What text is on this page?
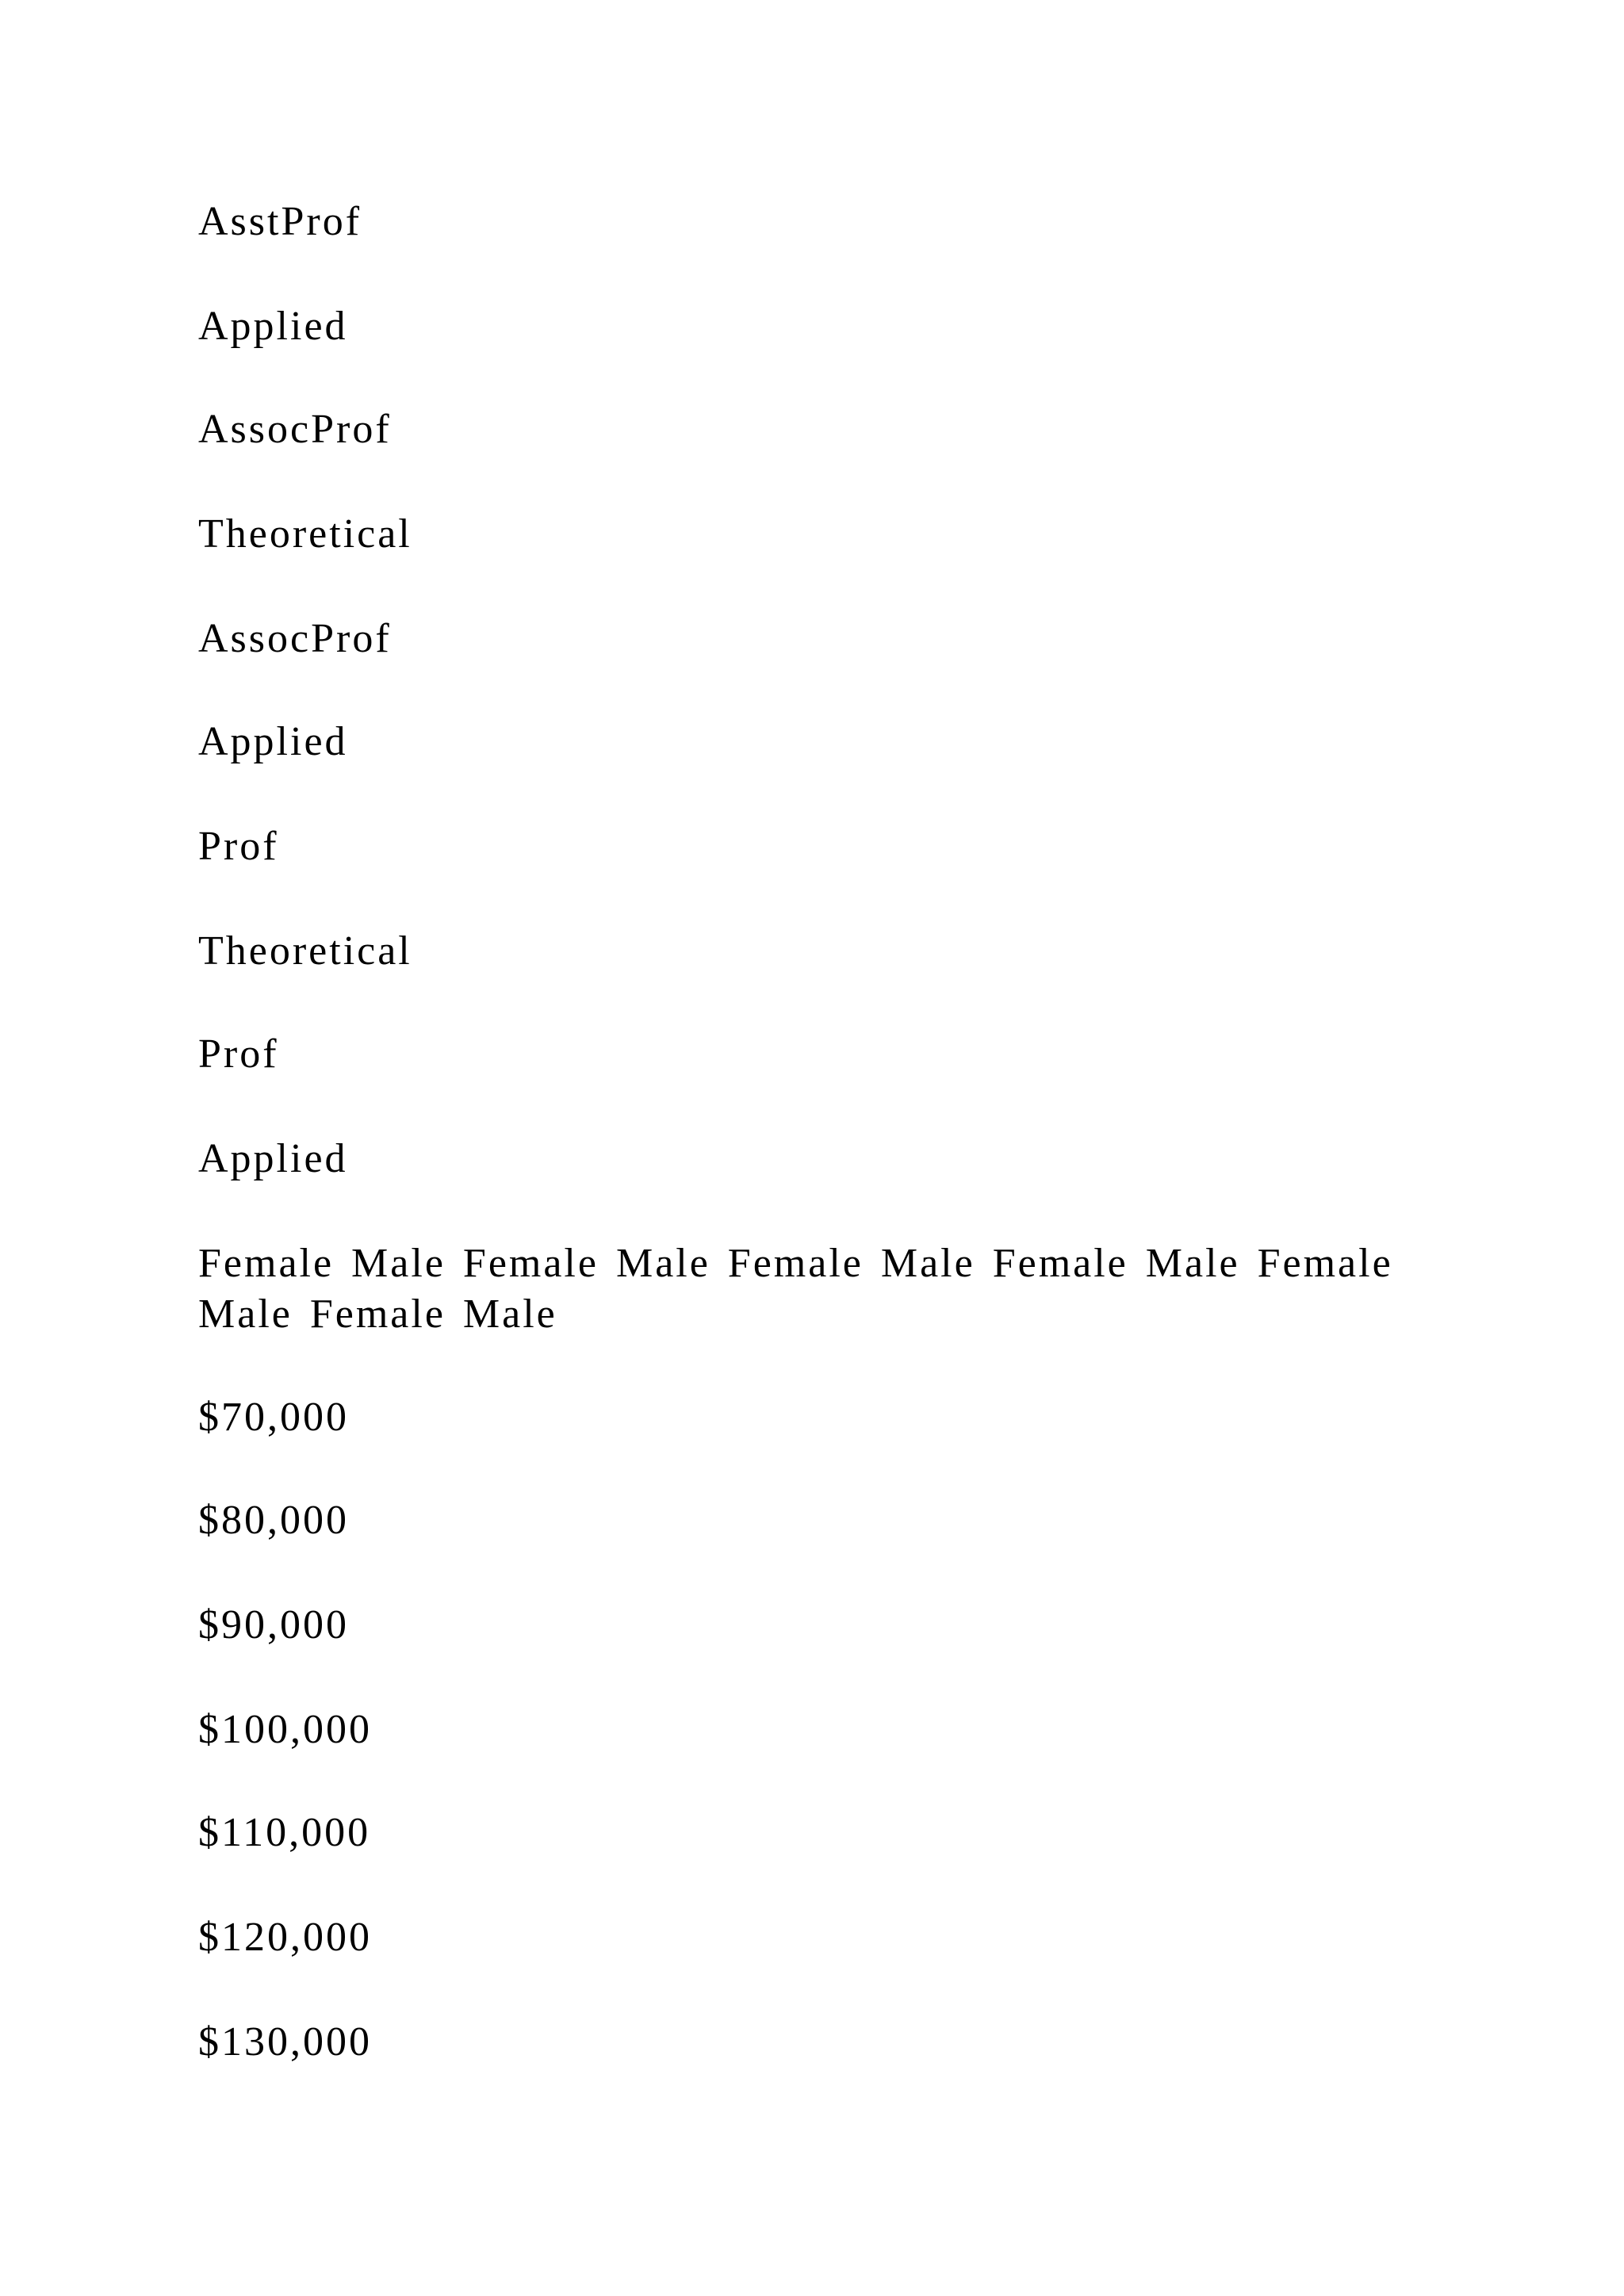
AsstProf

Applied

AssocProf

Theoretical

AssocProf

Applied

Prof

Theoretical

Prof

Applied

Female Male Female Male Female Male Female Male Female Male Female Male

$70,000

$80,000

$90,000

$100,000

$110,000

$120,000

$130,000
